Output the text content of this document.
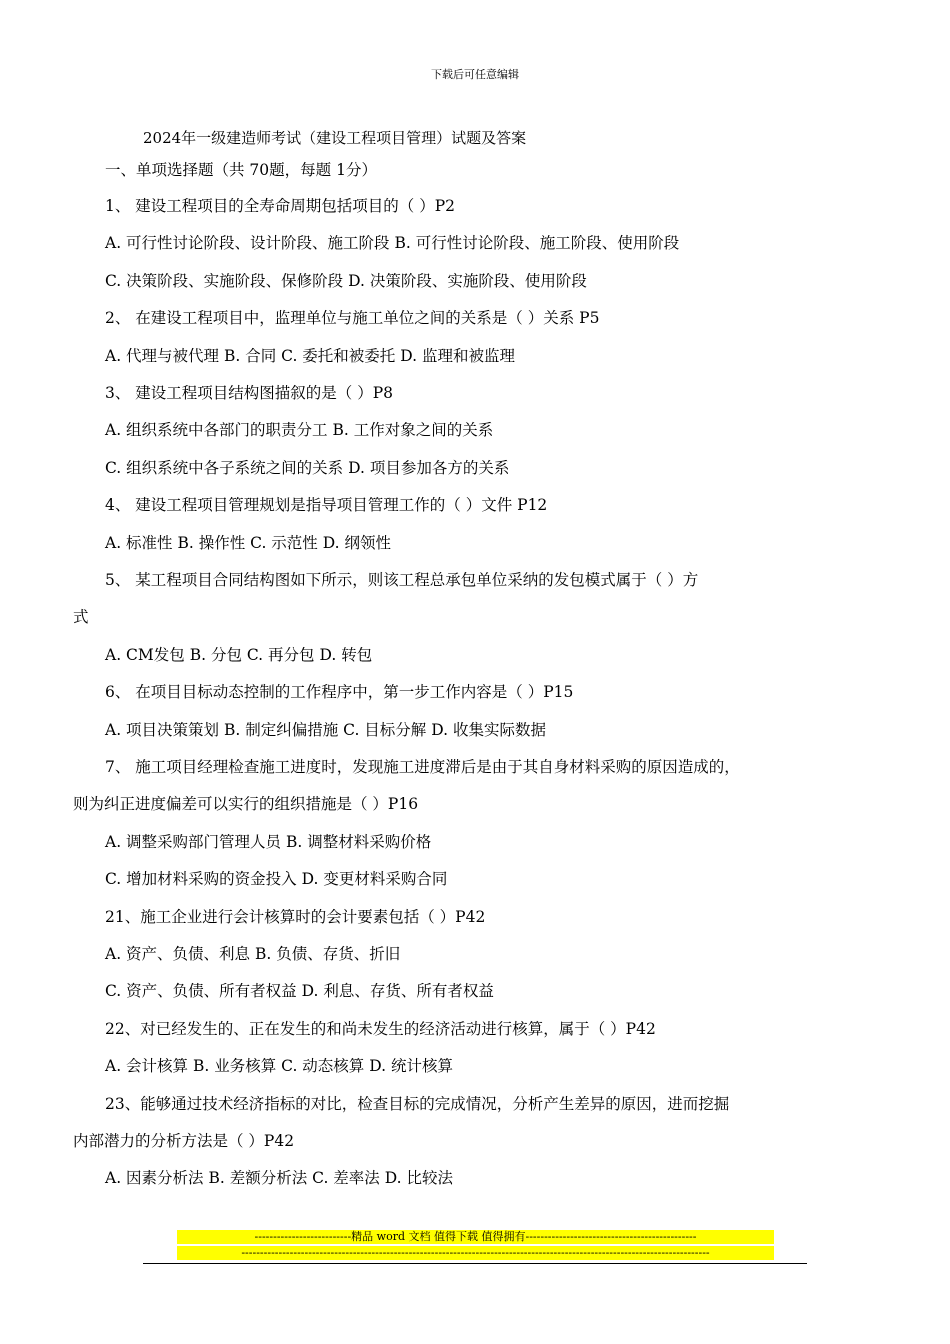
下载后可任意编辑
2024年一级建造师考试（建设工程项目管理）试题及答案
一、单项选择题（共 70题，每题 1分）
1、 建设工程项目的全寿命周期包括项目的（ ）P2
A. 可行性讨论阶段、设计阶段、施工阶段 B. 可行性讨论阶段、施工阶段、使用阶段
C. 决策阶段、实施阶段、保修阶段 D. 决策阶段、实施阶段、使用阶段
2、 在建设工程项目中，监理单位与施工单位之间的关系是（ ）关系 P5
A. 代理与被代理 B. 合同 C. 委托和被委托 D. 监理和被监理
3、 建设工程项目结构图描叙的是（ ）P8
A. 组织系统中各部门的职责分工 B. 工作对象之间的关系
C. 组织系统中各子系统之间的关系 D. 项目参加各方的关系
4、 建设工程项目管理规划是指导项目管理工作的（ ）文件 P12
A. 标准性 B. 操作性 C. 示范性 D. 纲领性
5、 某工程项目合同结构图如下所示，则该工程总承包单位采纳的发包模式属于（ ）方
式
A. CM发包 B. 分包 C. 再分包 D. 转包
6、 在项目目标动态控制的工作程序中，第一步工作内容是（ ）P15
A. 项目决策策划 B. 制定纠偏措施 C. 目标分解 D. 收集实际数据
7、 施工项目经理检查施工进度时，发现施工进度滞后是由于其自身材料采购的原因造成的，
则为纠正进度偏差可以实行的组织措施是（ ）P16
A. 调整采购部门管理人员 B. 调整材料采购价格
C. 增加材料采购的资金投入 D. 变更材料采购合同
21、施工企业进行会计核算时的会计要素包括（ ）P42
A. 资产、负债、利息 B. 负债、存货、折旧
C. 资产、负债、所有者权益 D. 利息、存货、所有者权益
22、对已经发生的、正在发生的和尚未发生的经济活动进行核算，属于（ ）P42
A. 会计核算 B. 业务核算 C. 动态核算 D. 统计核算
23、能够通过技术经济指标的对比，检查目标的完成情况，分析产生差异的原因，进而挖掘
内部潜力的分析方法是（ ）P42
A. 因素分析法 B. 差额分析法 C. 差率法 D. 比较法
--------------------------精品 word 文档 值得下载 值得拥有----------------------------------------------
------------------------------------------------------------------------------------------------------------------------------
